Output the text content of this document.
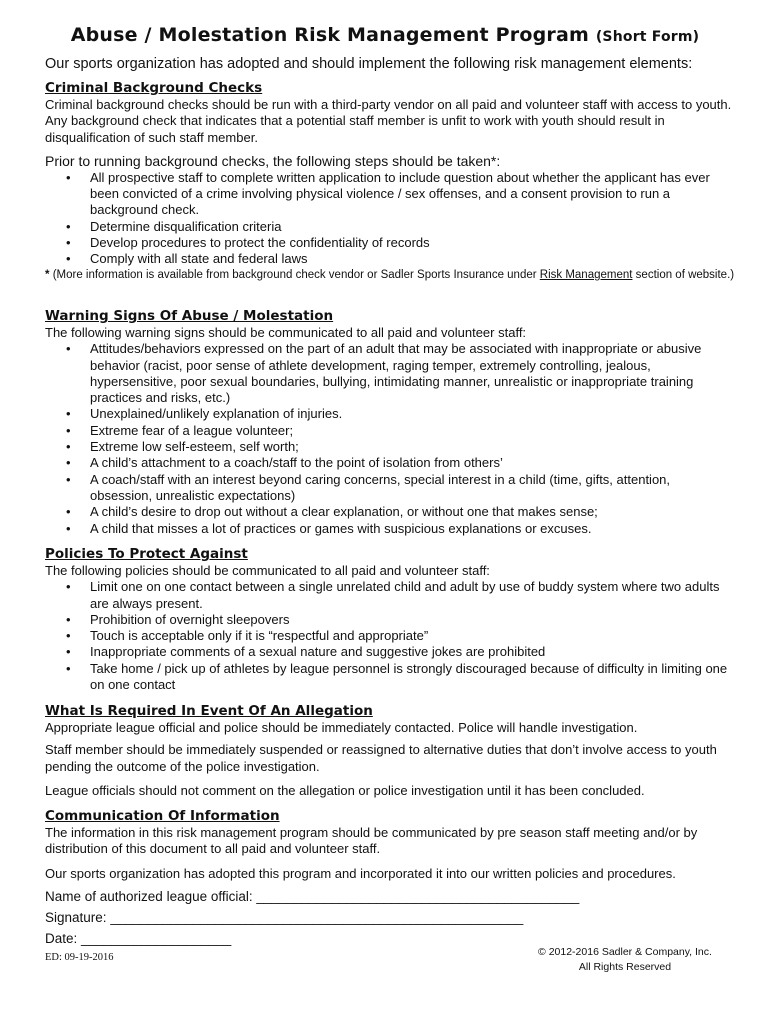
Abuse / Molestation Risk Management Program (Short Form)
Our sports organization has adopted and should implement the following risk management elements:
Criminal Background Checks

Criminal background checks should be run with a third-party vendor on all paid and volunteer staff with access to youth. Any background check that indicates that a potential staff member is unfit to work with youth should result in disqualification of such staff member.

Prior to running background checks, the following steps should be taken*:

• All prospective staff to complete written application to include question about whether the applicant has ever been convicted of a crime involving physical violence / sex offenses, and a consent provision to run a background check.
• Determine disqualification criteria
• Develop procedures to protect the confidentiality of records
• Comply with all state and federal laws

* (More information is available from background check vendor or Sadler Sports Insurance under Risk Management section of website.)

Warning Signs Of Abuse / Molestation

The following warning signs should be communicated to all paid and volunteer staff:

• Attitudes/behaviors expressed on the part of an adult that may be associated with inappropriate or abusive behavior (racist, poor sense of athlete development, raging temper, extremely controlling, jealous, hypersensitive, poor sexual boundaries, bullying, intimidating manner, unrealistic or inappropriate training practices and risks, etc.)
• Unexplained/unlikely explanation of injuries.
• Extreme fear of a league volunteer;
• Extreme low self-esteem, self worth;
• A child’s attachment to a coach/staff to the point of isolation from others’
• A coach/staff with an interest beyond caring concerns, special interest in a child (time, gifts, attention, obsession, unrealistic expectations)
• A child’s desire to drop out without a clear explanation, or without one that makes sense;
• A child that misses a lot of practices or games with suspicious explanations or excuses.
Policies To Protect Against

The following policies should be communicated to all paid and volunteer staff:

• Limit one on one contact between a single unrelated child and adult by use of buddy system where two adults are always present.
• Prohibition of overnight sleepovers
• Touch is acceptable only if it is “respectful and appropriate”
• Inappropriate comments of a sexual nature and suggestive jokes are prohibited
• Take home / pick up of athletes by league personnel is strongly discouraged because of difficulty in limiting one on one contact
What Is Required In Event Of An Allegation

Appropriate league official and police should be immediately contacted. Police will handle investigation.

Staff member should be immediately suspended or reassigned to alternative duties that don’t involve access to youth pending the outcome of the police investigation.

League officials should not comment on the allegation or police investigation until it has been concluded.

Communication Of Information

The information in this risk management program should be communicated by pre season staff meeting and/or by distribution of this document to all paid and volunteer staff.

Our sports organization has adopted this program and incorporated it into our written policies and procedures.

Name of authorized league official: ___________________________________________
Signature: _______________________________________________________
Date: ____________________
ED: 09-19-2016	© 2012-2016 Sadler & Company, Inc.
All Rights Reserved
